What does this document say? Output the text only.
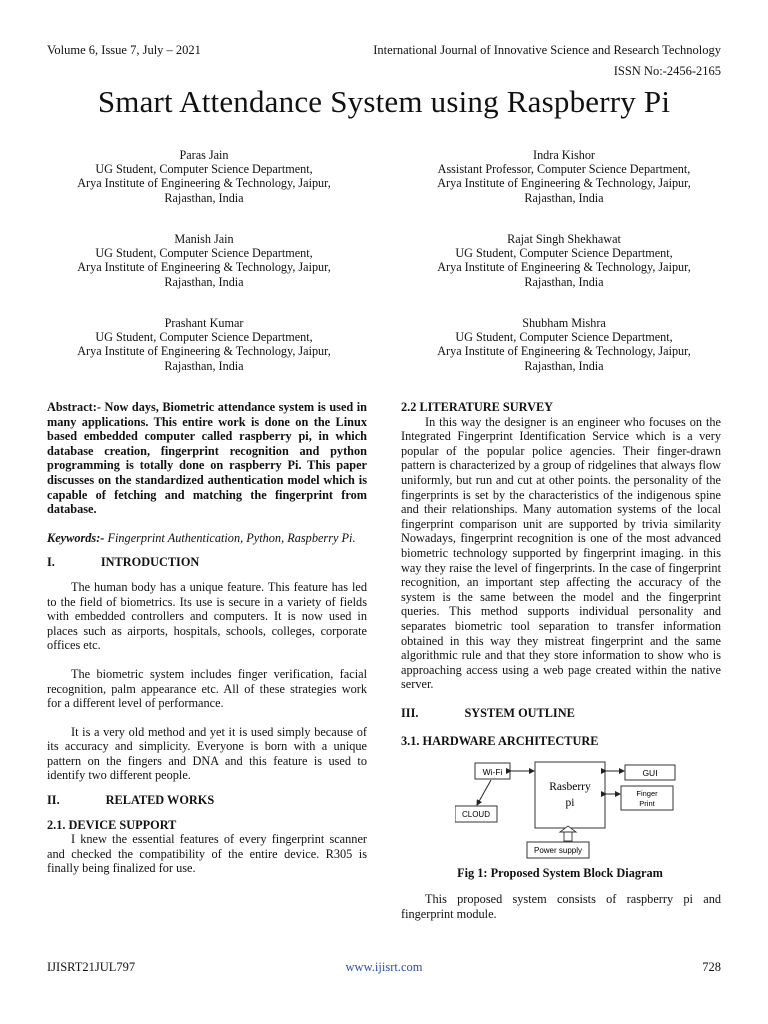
Volume 6, Issue 7, July – 2021	International Journal of Innovative Science and Research Technology
ISSN No:-2456-2165
Smart Attendance System using Raspberry Pi
Paras Jain
UG Student, Computer Science Department,
Arya Institute of Engineering & Technology, Jaipur,
Rajasthan, India
Indra Kishor
Assistant Professor, Computer Science Department,
Arya Institute of Engineering & Technology, Jaipur,
Rajasthan, India
Manish Jain
UG Student, Computer Science Department,
Arya Institute of Engineering & Technology, Jaipur,
Rajasthan, India
Rajat Singh Shekhawat
UG Student, Computer Science Department,
Arya Institute of Engineering & Technology, Jaipur,
Rajasthan, India
Prashant Kumar
UG Student, Computer Science Department,
Arya Institute of Engineering & Technology, Jaipur,
Rajasthan, India
Shubham Mishra
UG Student, Computer Science Department,
Arya Institute of Engineering & Technology, Jaipur,
Rajasthan, India

Abstract:- Now days, Biometric attendance system is used in many applications. This entire work is done on the Linux based embedded computer called raspberry pi, in which database creation, fingerprint recognition and python programming is totally done on raspberry Pi. This paper discusses on the standardized authentication model which is capable of fetching and matching the fingerprint from database.

Keywords:- Fingerprint Authentication, Python, Raspberry Pi.

I.	INTRODUCTION

The human body has a unique feature. This feature has led to the field of biometrics. Its use is secure in a variety of fields with embedded controllers and computers. It is now used in places such as airports, hospitals, schools, colleges, corporate offices etc.

The biometric system includes finger verification, facial recognition, palm appearance etc. All of these strategies work for a different level of performance.

It is a very old method and yet it is used simply because of its accuracy and simplicity. Everyone is born with a unique pattern on the fingers and DNA and this feature is used to identify two different people.

II.	RELATED WORKS

2.1. DEVICE SUPPORT

I knew the essential features of every fingerprint scanner and checked the compatibility of the entire device. R305 is finally being finalized for use.

2.2 LITERATURE SURVEY

In this way the designer is an engineer who focuses on the Integrated Fingerprint Identification Service which is a very popular of the popular police agencies. Their finger-drawn pattern is characterized by a group of ridgelines that always flow uniformly, but run and cut at other points. the personality of the fingerprints is set by the characteristics of the indigenous spine and their relationships. Many automation systems of the local fingerprint comparison unit are supported by trivia similarity Nowadays, fingerprint recognition is one of the most advanced biometric technology supported by fingerprint imaging. in this way they raise the level of fingerprints. In the case of fingerprint recognition, an important step affecting the accuracy of the system is the same between the model and the fingerprint queries. This method supports individual personality and separates biometric tool separation to transfer information obtained in this way they mistreat fingerprint and the same algorithmic rule and that they store information to show who is approaching access using a web page created within the native server.

III.	SYSTEM OUTLINE

3.1. HARDWARE ARCHITECTURE

Wi-Fi
Rasberry
pi
GUI
Finger
Print
CLOUD
Power supply
Fig 1: Proposed System Block Diagram

This proposed system consists of raspberry pi and fingerprint module.

IJISRT21JUL797	www.ijisrt.com	728
